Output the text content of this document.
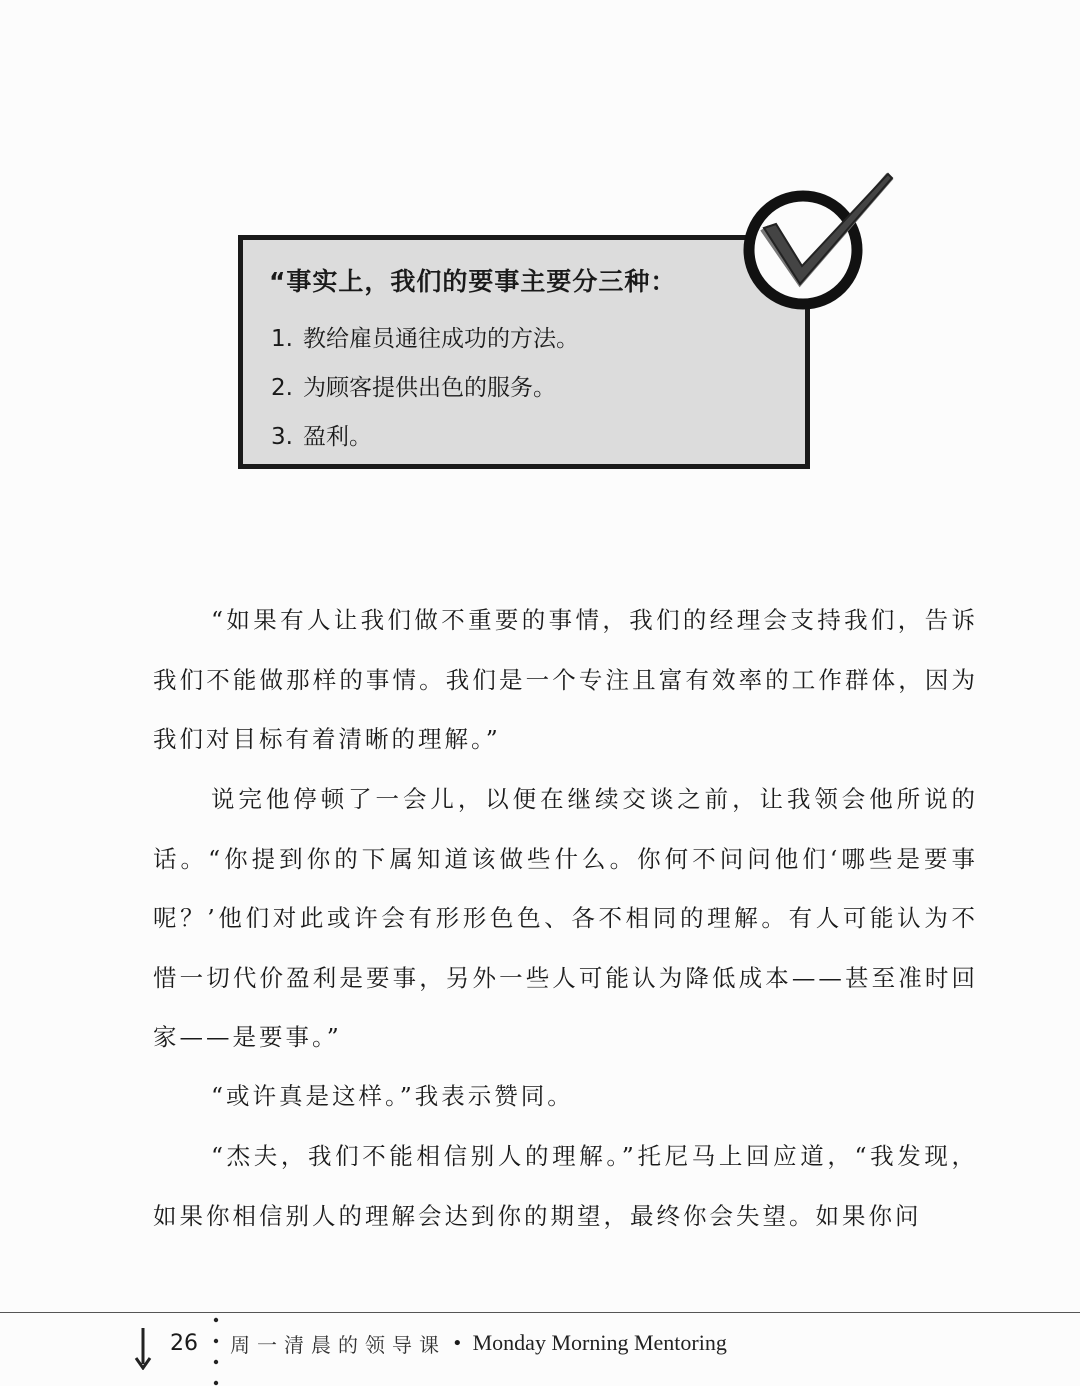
“事实上，我们的要事主要分三种：
1. 教给雇员通往成功的方法。
2. 为顾客提供出色的服务。
3. 盈利。

“如果有人让我们做不重要的事情，我们的经理会支持我们，告诉我们不能做那样的事情。我们是一个专注且富有效率的工作群体，因为我们对目标有着清晰的理解。”

说完他停顿了一会儿，以便在继续交谈之前，让我领会他所说的话。“你提到你的下属知道该做些什么。你何不问问他们‘哪些是要事呢？’他们对此或许会有形形色色、各不相同的理解。有人可能认为不惜一切代价盈利是要事，另外一些人可能认为降低成本——甚至准时回家——是要事。”

“或许真是这样。”我表示赞同。

“杰夫，我们不能相信别人的理解。”托尼马上回应道，“我发现，如果你相信别人的理解会达到你的期望，最终你会失望。如果你问

26	周一清晨的领导课 • Monday Morning Mentoring
